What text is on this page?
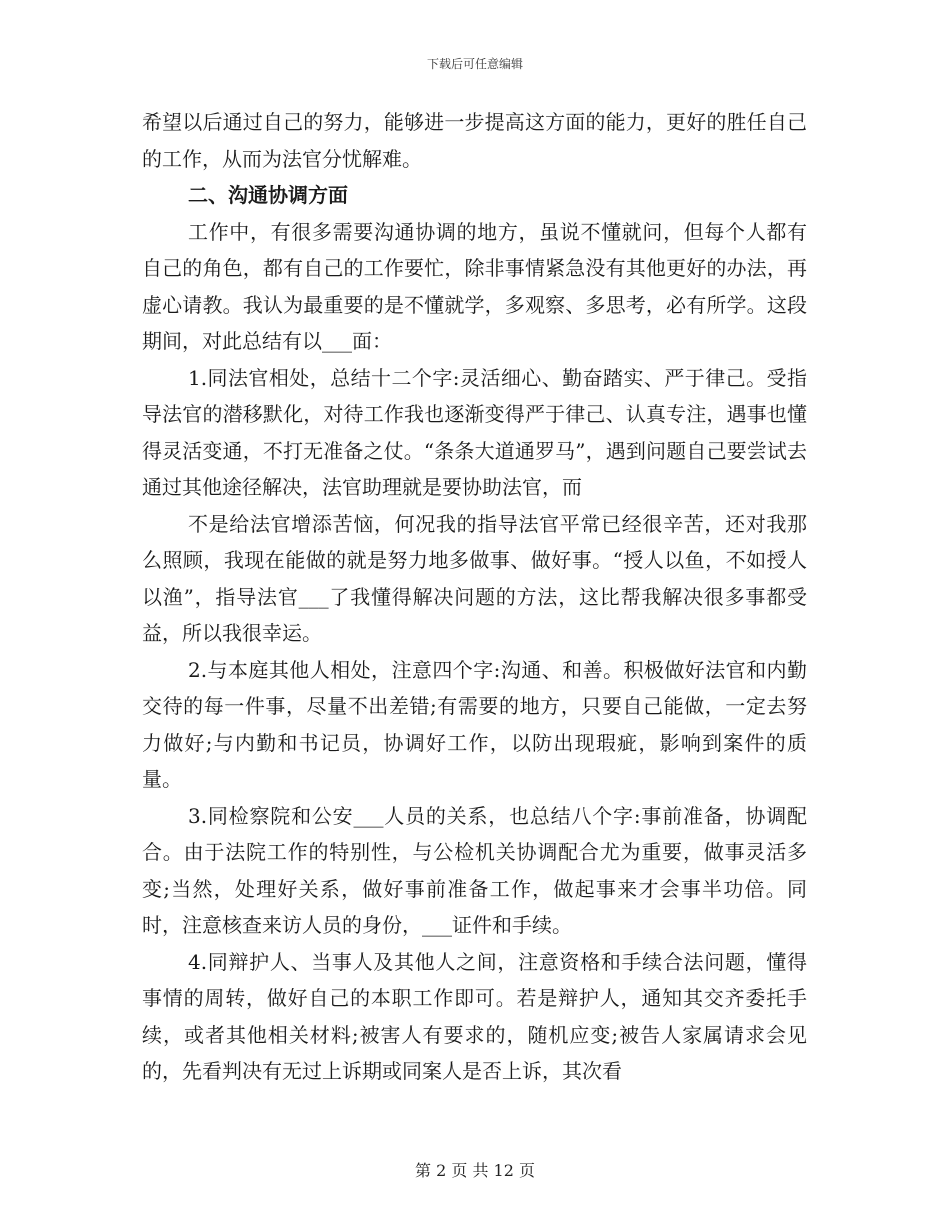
下载后可任意编辑

希望以后通过自己的努力，能够进一步提高这方面的能力，更好的胜任自己的工作，从而为法官分忧解难。

二、沟通协调方面

工作中，有很多需要沟通协调的地方，虽说不懂就问，但每个人都有自己的角色，都有自己的工作要忙，除非事情紧急没有其他更好的办法，再虚心请教。我认为最重要的是不懂就学，多观察、多思考，必有所学。这段期间，对此总结有以___面：

1.同法官相处，总结十二个字:灵活细心、勤奋踏实、严于律己。受指导法官的潜移默化，对待工作我也逐渐变得严于律己、认真专注，遇事也懂得灵活变通，不打无准备之仗。“条条大道通罗马”，遇到问题自己要尝试去通过其他途径解决，法官助理就是要协助法官，而

不是给法官增添苦恼，何况我的指导法官平常已经很辛苦，还对我那么照顾，我现在能做的就是努力地多做事、做好事。“授人以鱼，不如授人以渔”，指导法官___了我懂得解决问题的方法，这比帮我解决很多事都受益，所以我很幸运。

2.与本庭其他人相处，注意四个字:沟通、和善。积极做好法官和内勤交待的每一件事，尽量不出差错;有需要的地方，只要自己能做，一定去努力做好;与内勤和书记员，协调好工作，以防出现瑕疵，影响到案件的质量。

3.同检察院和公安___人员的关系，也总结八个字:事前准备，协调配合。由于法院工作的特别性，与公检机关协调配合尤为重要，做事灵活多变;当然，处理好关系，做好事前准备工作，做起事来才会事半功倍。同时，注意核查来访人员的身份，___证件和手续。

4.同辩护人、当事人及其他人之间，注意资格和手续合法问题，懂得事情的周转，做好自己的本职工作即可。若是辩护人，通知其交齐委托手续，或者其他相关材料;被害人有要求的，随机应变;被告人家属请求会见的，先看判决有无过上诉期或同案人是否上诉，其次看

第 2 页 共 12 页
